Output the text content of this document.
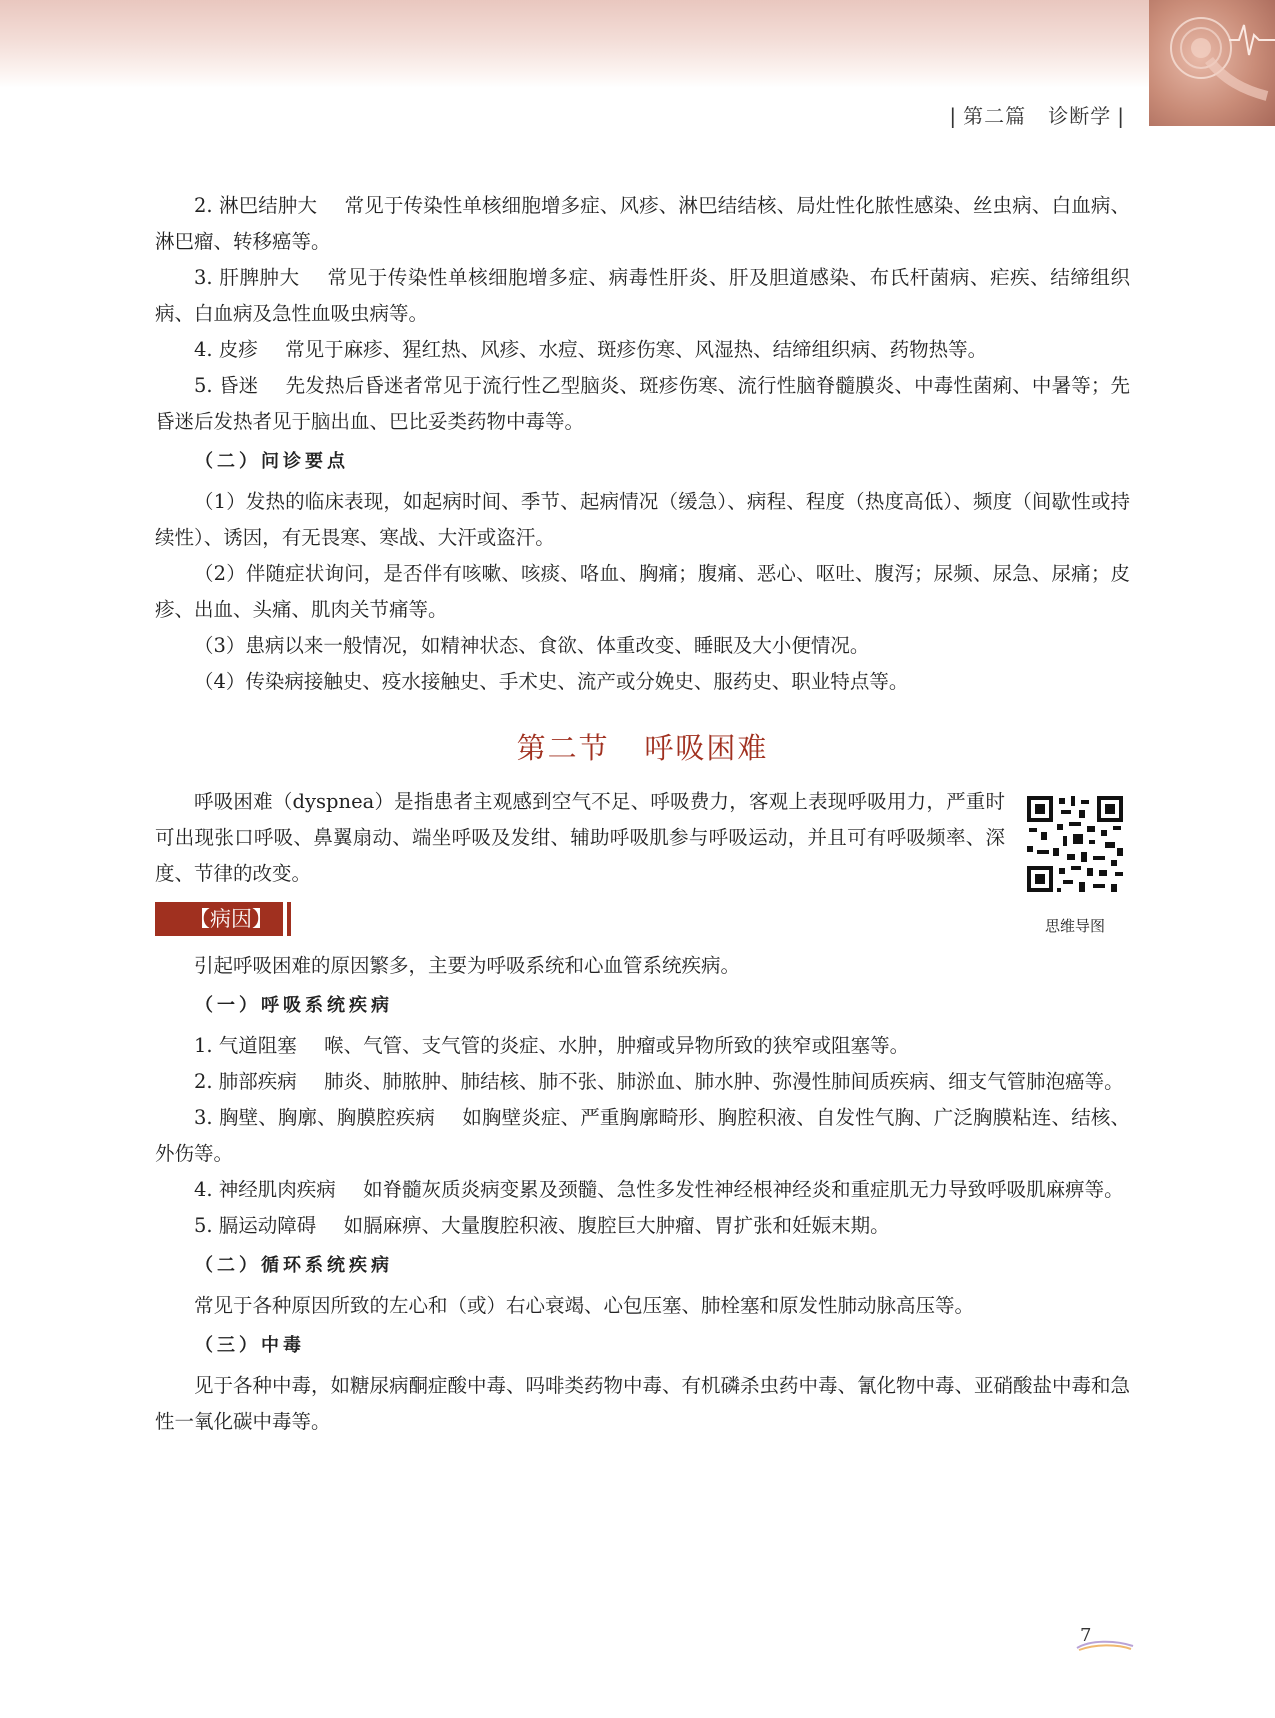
| 第二篇 诊断学 |

2. 淋巴结肿大 常见于传染性单核细胞增多症、风疹、淋巴结结核、局灶性化脓性感染、丝虫病、白血病、淋巴瘤、转移癌等。

3. 肝脾肿大 常见于传染性单核细胞增多症、病毒性肝炎、肝及胆道感染、布氏杆菌病、疟疾、结缔组织病、白血病及急性血吸虫病等。

4. 皮疹 常见于麻疹、猩红热、风疹、水痘、斑疹伤寒、风湿热、结缔组织病、药物热等。

5. 昏迷 先发热后昏迷者常见于流行性乙型脑炎、斑疹伤寒、流行性脑脊髓膜炎、中毒性菌痢、中暑等；先昏迷后发热者见于脑出血、巴比妥类药物中毒等。

（二）问诊要点

（1）发热的临床表现，如起病时间、季节、起病情况（缓急）、病程、程度（热度高低）、频度（间歇性或持续性）、诱因，有无畏寒、寒战、大汗或盗汗。

（2）伴随症状询问，是否伴有咳嗽、咳痰、咯血、胸痛；腹痛、恶心、呕吐、腹泻；尿频、尿急、尿痛；皮疹、出血、头痛、肌肉关节痛等。

（3）患病以来一般情况，如精神状态、食欲、体重改变、睡眠及大小便情况。

（4）传染病接触史、疫水接触史、手术史、流产或分娩史、服药史、职业特点等。

第二节 呼吸困难

呼吸困难（dyspnea）是指患者主观感到空气不足、呼吸费力，客观上表现呼吸用力，严重时可出现张口呼吸、鼻翼扇动、端坐呼吸及发绀、辅助呼吸肌参与呼吸运动，并且可有呼吸频率、深度、节律的改变。

思维导图
【病因】

引起呼吸困难的原因繁多，主要为呼吸系统和心血管系统疾病。

（一）呼吸系统疾病

1. 气道阻塞 喉、气管、支气管的炎症、水肿，肿瘤或异物所致的狭窄或阻塞等。

2. 肺部疾病 肺炎、肺脓肿、肺结核、肺不张、肺淤血、肺水肿、弥漫性肺间质疾病、细支气管肺泡癌等。

3. 胸壁、胸廓、胸膜腔疾病 如胸壁炎症、严重胸廓畸形、胸腔积液、自发性气胸、广泛胸膜粘连、结核、外伤等。

4. 神经肌肉疾病 如脊髓灰质炎病变累及颈髓、急性多发性神经根神经炎和重症肌无力导致呼吸肌麻痹等。

5. 膈运动障碍 如膈麻痹、大量腹腔积液、腹腔巨大肿瘤、胃扩张和妊娠末期。

（二）循环系统疾病

常见于各种原因所致的左心和（或）右心衰竭、心包压塞、肺栓塞和原发性肺动脉高压等。

（三）中毒

见于各种中毒，如糖尿病酮症酸中毒、吗啡类药物中毒、有机磷杀虫药中毒、氰化物中毒、亚硝酸盐中毒和急性一氧化碳中毒等。

7
